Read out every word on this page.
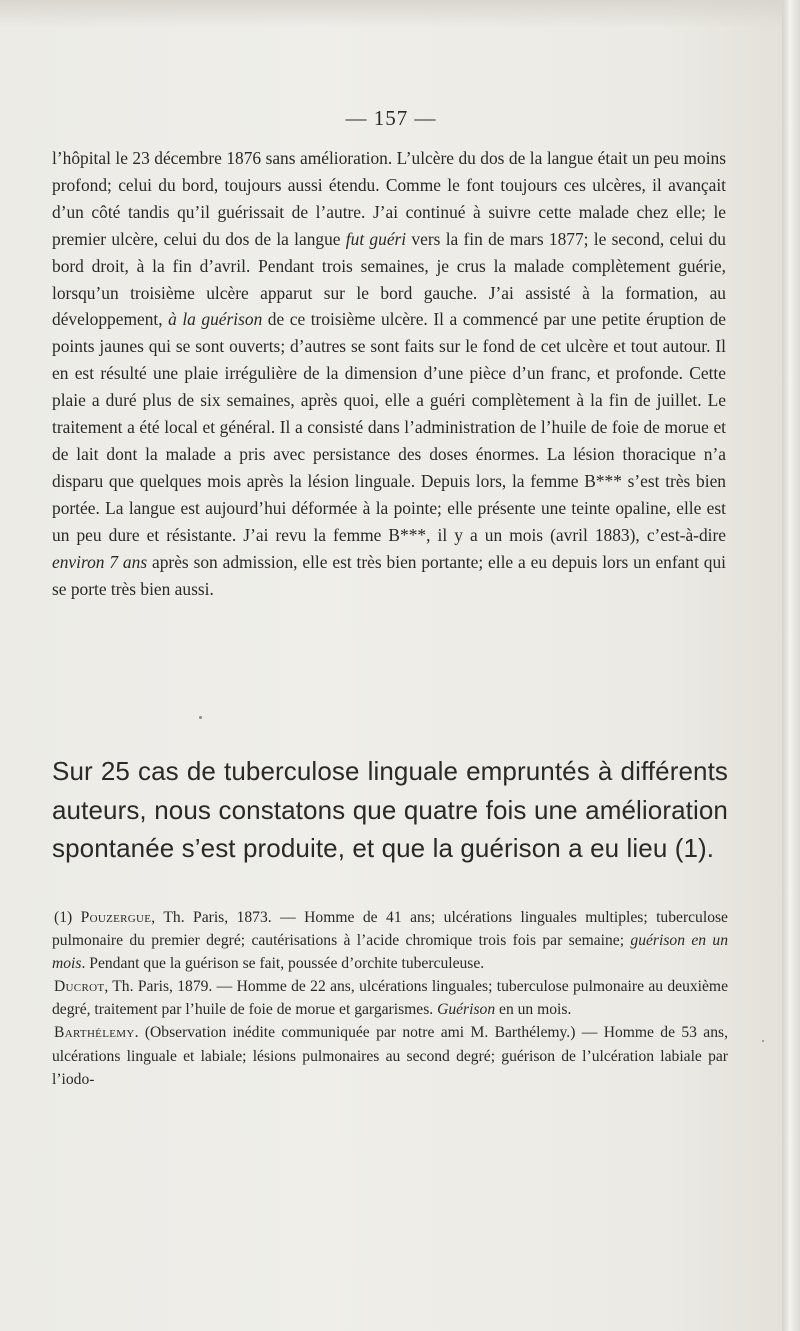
— 157 —

l’hôpital le 23 décembre 1876 sans amélioration. L’ulcère du dos de la langue était un peu moins profond; celui du bord, toujours aussi étendu. Comme le font toujours ces ulcères, il avançait d’un côté tandis qu’il guérissait de l’autre. J’ai continué à suivre cette malade chez elle; le premier ulcère, celui du dos de la langue fut guéri vers la fin de mars 1877; le second, celui du bord droit, à la fin d’avril. Pendant trois semaines, je crus la malade complètement guérie, lorsqu’un troisième ulcère apparut sur le bord gauche. J’ai assisté à la formation, au développement, à la guérison de ce troisième ulcère. Il a commencé par une petite éruption de points jaunes qui se sont ouverts; d’autres se sont faits sur le fond de cet ulcère et tout autour. Il en est résulté une plaie irrégulière de la dimension d’une pièce d’un franc, et profonde. Cette plaie a duré plus de six semaines, après quoi, elle a guéri complètement à la fin de juillet. Le traitement a été local et général. Il a consisté dans l’administration de l’huile de foie de morue et de lait dont la malade a pris avec persistance des doses énormes. La lésion thoracique n’a disparu que quelques mois après la lésion linguale. Depuis lors, la femme B*** s’est très bien portée. La langue est aujourd’hui déformée à la pointe; elle présente une teinte opaline, elle est un peu dure et résistante. J’ai revu la femme B***, il y a un mois (avril 1883), c’est-à-dire environ 7 ans après son admission, elle est très bien portante; elle a eu depuis lors un enfant qui se porte très bien aussi.

Sur 25 cas de tuberculose linguale empruntés à différents auteurs, nous constatons que quatre fois une amélioration spontanée s’est produite, et que la guérison a eu lieu (1).

(1) Pouzergue, Th. Paris, 1873. — Homme de 41 ans; ulcérations linguales multiples; tuberculose pulmonaire du premier degré; cautérisations à l’acide chromique trois fois par semaine; guérison en un mois. Pendant que la guérison se fait, poussée d’orchite tuberculeuse.

Ducrot, Th. Paris, 1879. — Homme de 22 ans, ulcérations linguales; tuberculose pulmonaire au deuxième degré, traitement par l’huile de foie de morue et gargarismes. Guérison en un mois.

Barthélemy. (Observation inédite communiquée par notre ami M. Barthélemy.) — Homme de 53 ans, ulcérations linguale et labiale; lésions pulmonaires au second degré; guérison de l’ulcération labiale par l’iodo-
